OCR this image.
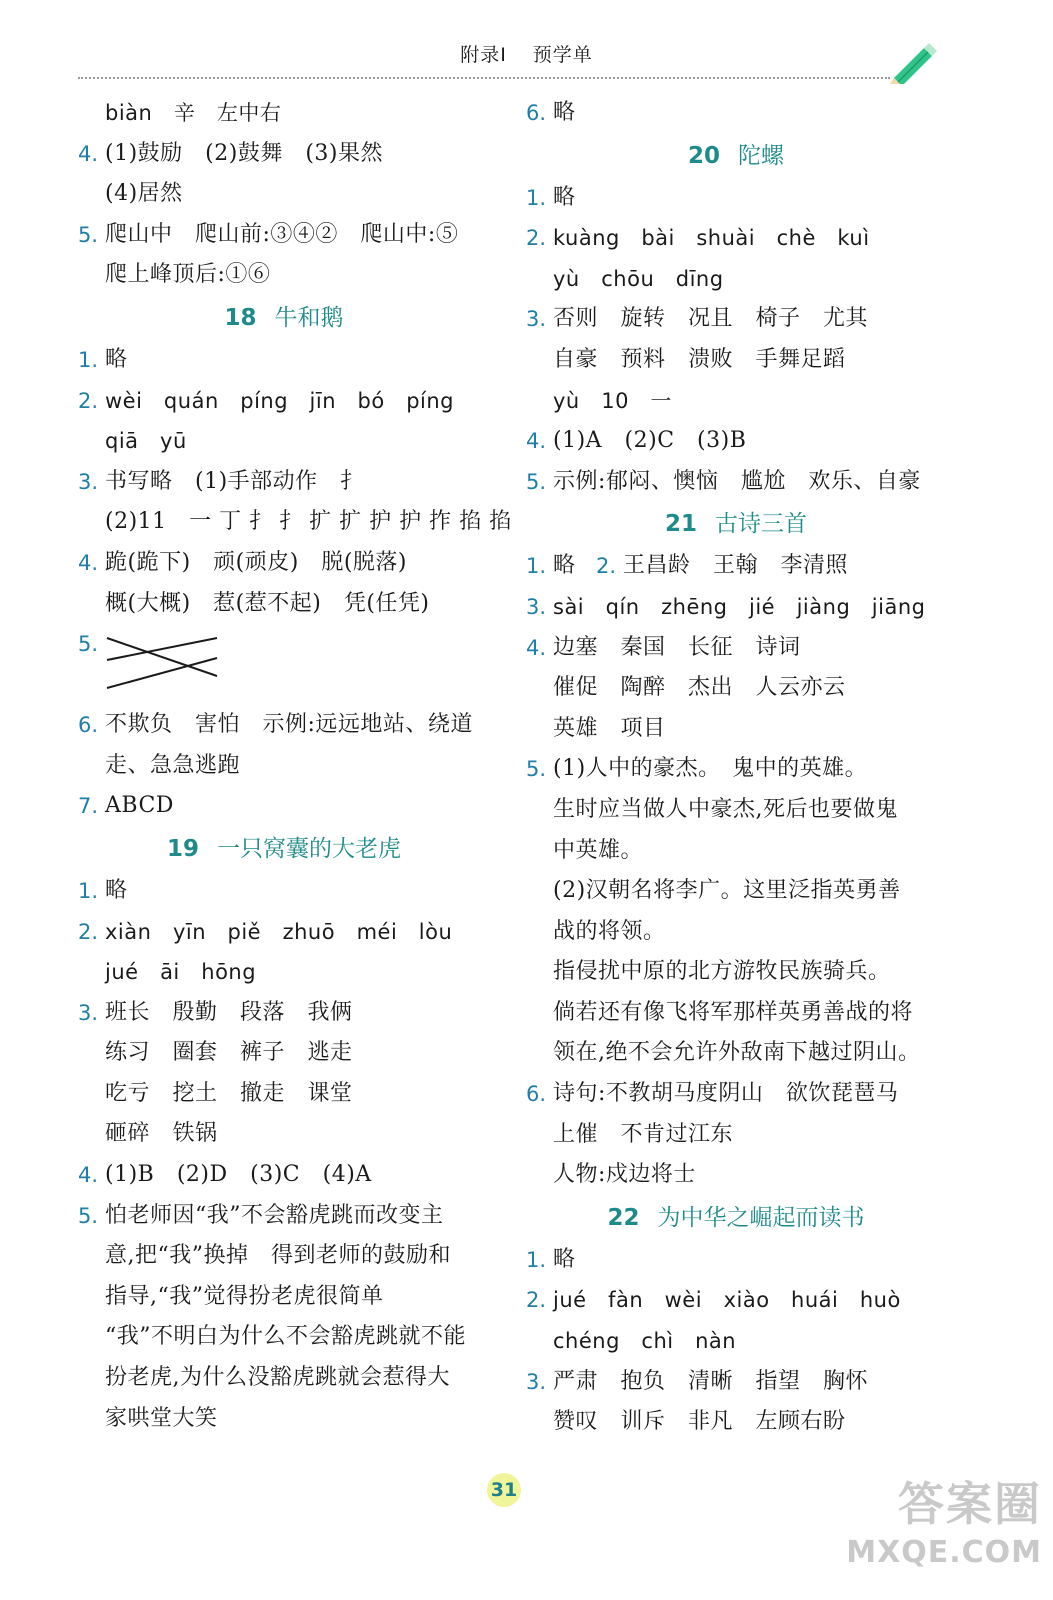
附录Ⅰ 预学单
biàn　辛　左中右
4. (1)鼓励　(2)鼓舞　(3)果然
(4)居然
5. 爬山中　爬山前:③④②　爬山中:⑤
爬上峰顶后:①⑥
18 牛和鹅
1. 略
2. wèi　quán　píng　jīn　bó　píng
qiā　yū
3. 书写略　(1)手部动作　扌
(2)11　一 丁 扌 扌 扩 扩 护 护 拃 掐 掐
4. 跪(跪下)　顽(顽皮)　脱(脱落)
概(大概)　惹(惹不起)　凭(任凭)
5.
6. 不欺负　害怕　示例:远远地站、绕道
走、急急逃跑
7. ABCD
19 一只窝囊的大老虎
1. 略
2. xiàn　yīn　piě　zhuō　méi　lòu
jué　āi　hōng
3. 班长　殷勤　段落　我俩
练习　圈套　裤子　逃走
吃亏　挖土　撤走　课堂
砸碎　铁锅
4. (1)B　(2)D　(3)C　(4)A
5. 怕老师因“我”不会豁虎跳而改变主
意,把“我”换掉　得到老师的鼓励和
指导,“我”觉得扮老虎很简单
“我”不明白为什么不会豁虎跳就不能
扮老虎,为什么没豁虎跳就会惹得大
家哄堂大笑
6. 略
20 陀螺
1. 略
2. kuàng　bài　shuài　chè　kuì
yù　chōu　dīng
3. 否则　旋转　况且　椅子　尤其
自豪　预料　溃败　手舞足蹈
yù　10　一
4. (1)A　(2)C　(3)B
5. 示例:郁闷、懊恼　尴尬　欢乐、自豪
21 古诗三首
1. 略 2. 王昌龄　王翰　李清照
3. sài　qín　zhēng　jié　jiàng　jiāng
4. 边塞　秦国　长征　诗词
催促　陶醉　杰出　人云亦云
英雄　项目
5. (1)人中的豪杰。　鬼中的英雄。
生时应当做人中豪杰,死后也要做鬼
中英雄。
(2)汉朝名将李广。这里泛指英勇善
战的将领。
指侵扰中原的北方游牧民族骑兵。
倘若还有像飞将军那样英勇善战的将
领在,绝不会允许外敌南下越过阴山。
6. 诗句:不教胡马度阴山　欲饮琵琶马
上催　不肯过江东
人物:戍边将士
22 为中华之崛起而读书
1. 略
2. jué　fàn　wèi　xiào　huái　huò
chéng　chì　nàn
3. 严肃　抱负　清晰　指望　胸怀
赞叹　训斥　非凡　左顾右盼
31	答案圈
MXQE.COM
